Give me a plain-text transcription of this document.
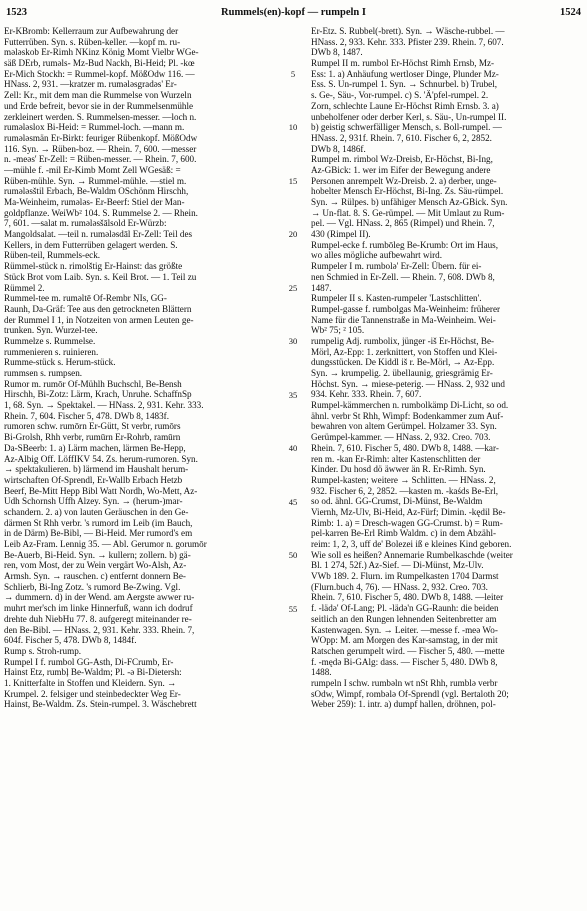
1523	Rummels(en)-kopf — rumpeln I	1524
Er-KBromb: Kellerraum zur Aufbewahrung der
Futterrüben. Syn. s. Rüben-keller. —kopf m. ru-
mələskob Er-Rimh NKinz König Momt Vielbr WGe-
säß DErb, ruməls- Mz-Bud Nackh, Bi-Heid; Pl. -kœ
Er-Mich Stockh: = Rummel-kopf. MößOdw 116. —
HNass. 2, 931. —kratzer m. rumələsgradəs' Er-
Zell: Kr., mit dem man die Rummelse von Wurzeln
und Erde befreit, bevor sie in der Rummelsenmühle
zerkleinert werden. S. Rummelsen-messer. —loch n.
rumələslox Bi-Heid: = Rummel-loch. —mann m.
rumələsmän Er-Birkt: feuriger Rübenkopf. MößOdw
116. Syn. → Rüben-boz. — Rhein. 7, 600. —messer
n. -meəs' Er-Zell: = Rüben-messer. — Rhein. 7, 600.
—mühle f. -mil Er-Kimb Momt Zell WGesäß: =
Rüben-mühle. Syn. → Rummel-mühle. —stiel m.
rumələsštil Erbach, Be-Waldm OSchönm Hirschh,
Ma-Weinheim, rumələs- Er-Beerf: Stiel der Man-
goldpflanze. WeiWb² 104. S. Rummelse 2. — Rhein.
7, 601. —salat m. rumələsšālsold Er-Würzb:
Mangoldsalat. —teil n. rumələsdāl Er-Zell: Teil des
Kellers, in dem Futterrüben gelagert werden. S.
Rüben-teil, Rummels-eck.
Rümmel-stück n. rimolštig Er-Hainst: das größte
Stück Brot vom Laib. Syn. s. Keil Brot. — 1. Teil zu
Rümmel 2.
Rummel-tee m. ruməltē Of-Rembr NIs, GG-
Raunh, Da-Gräf: Tee aus den getrockneten Blättern
der Rummel I 1, in Notzeiten von armen Leuten ge-
trunken. Syn. Wurzel-tee.
Rummelze s. Rummelse.
rummenieren s. ruinieren.
Rumme-stück s. Herum-stück.
rummsen s. rumpsen.
Rumor m. rumōr Of-Mühlh Buchschl, Be-Bensh
Hirschh, Bi-Zotz: Lärm, Krach, Unruhe. SchaffnSp
1, 68. Syn. → Spektakel. — HNass. 2, 931. Kehr. 333.
Rhein. 7, 604. Fischer 5, 478. DWb 8, 1483f.
rumoren schw. rumōrn Er-Gütt, St verbr, rumōrs
Bi-Grolsh, Rhh verbr, rumūrn Er-Rohrb, ramūrn
Da-SBeerb: 1. a) Lärm machen, lärmen Be-Hepp,
Az-Albig Off. LöffIKV 54. Zs. herum-rumoren. Syn.
→ spektakulieren. b) lärmend im Haushalt herum-
wirtschaften Of-Sprendl, Er-Wallb Erbach Hetzb
Beerf, Be-Mitt Hepp Bibl Watt Nordh, Wo-Mett, Az-
Udh Schornsh Uffh Alzey. Syn. → (herum-)mar-
schandern. 2. a) von lauten Geräuschen in den Ge-
därmen St Rhh verbr. 's rumord im Leib (im Bauch,
in de Därm) Be-Bibl, — Bi-Heid. Mer rumord's em
Leib Az-Fram. Lennig 35. — Abl. Gerumor n. gorumōr
Be-Auerb, Bi-Heid. Syn. → kullern; zollern. b) gä-
ren, vom Most, der zu Wein vergärt Wo-Alsh, Az-
Armsh. Syn. → rauschen. c) entfernt donnern Be-
Schlierb, Bi-Ing Zotz. 's rumord Be-Zwing. Vgl.
→ dummern. d) in der Wend. am Aergste awwer ru-
muhrt mer'sch im linke Hinnerfuß, wann ich dodruf
drehte duh NiebHu 77. 8. aufgeregt miteinander re-
den Be-Bibl. — HNass. 2, 931. Kehr. 333. Rhein. 7,
604f. Fischer 5, 478. DWb 8, 1484f.
Rump s. Stroh-rump.
Rumpel I f. rumbol GG-Asth, Di-FCrumb, Er-
Hainst Etz, rumbļ Be-Waldm; Pl. -ə Bi-Dietersh:
1. Knitterfalte in Stoffen und Kleidern. Syn. →
Krumpel. 2. felsiger und steinbedeckter Weg Er-
Hainst, Be-Waldm. Zs. Stein-rumpel. 3. Wäschebrett
5
10
15
20
25
30
35
40
45
50
55
Er-Etz. S. Rubbel(-brett). Syn. → Wäsche-rubbel. —
HNass. 2, 933. Kehr. 333. Pfister 239. Rhein. 7, 607.
DWb 8, 1487.
Rumpel II m. rumbol Er-Höchst Rimh Ernsb, Mz-
Ess: 1. a) Anhäufung wertloser Dinge, Plunder Mz-
Ess. S. Un-rumpel 1. Syn. → Schnurbel. b) Trubel,
s. Ge-, Säu-, Vor-rumpel. c) S. 'Ä'pfel-rumpel. 2.
Zorn, schlechte Laune Er-Höchst Rimh Ernsb. 3. a)
unbeholfener oder derber Kerl, s. Säu-, Un-rumpel II.
b) geistig schwerfälliger Mensch, s. Boll-rumpel. —
HNass. 2, 931f. Rhein. 7, 610. Fischer 6, 2, 2852.
DWb 8, 1486f.
Rumpel m. rimbol Wz-Dreisb, Er-Höchst, Bi-Ing,
Az-GBick: 1. wer im Eifer der Bewegung andere
Personen anrempelt Wz-Dreisb. 2. a) derber, unge-
hobelter Mensch Er-Höchst, Bi-Ing. Zs. Säu-rümpel.
Syn. → Rülpes. b) unfähiger Mensch Az-GBick. Syn.
→ Un-flat. 8. S. Ge-rümpel. — Mit Umlaut zu Rum-
pel. — Vgl. HNass. 2, 865 (Rimpel) und Rhein. 7,
430 (Rimpel II).
Rumpel-ecke f. rumbōleg Be-Krumb: Ort im Haus,
wo alles mögliche aufbewahrt wird.
Rumpeler I m. rumbolə' Er-Zell: Übern. für ei-
nen Schmied in Er-Zell. — Rhein. 7, 608. DWb 8,
1487.
Rumpeler II s. Kasten-rumpeler 'Lastschlitten'.
Rumpel-gasse f. rumbolgas Ma-Weinheim: früherer
Name für die Tannenstraße in Ma-Weinheim. Wei-
Wb² 75; ² 105.
rumpelig Adj. rumbolix, jünger -iš Er-Höchst, Be-
Mörl, Az-Epp: 1. zerknittert, von Stoffen und Klei-
dungsstücken. De Kiddl iš r. Be-Mörl, → Az-Epp.
Syn. → krumpelig. 2. übellaunig, griesgrämig Er-
Höchst. Syn. → miese-peterig. — HNass. 2, 932 und
934. Kehr. 333. Rhein. 7, 607.
Rumpel-kämmerchen n. rumbolkämp Di-Licht, so od.
ähnl. verbr St Rhh, Wimpf: Bodenkammer zum Auf-
bewahren von altem Gerümpel. Holzamer 33. Syn.
Gerümpel-kammer. — HNass. 2, 932. Creo. 703.
Rhein. 7, 610. Fischer 5, 480. DWb 8, 1488. —kar-
ren m. -kan Er-Rimh: alter Kastenschlitten der
Kinder. Du hosd dö äwwer än R. Er-Rimh. Syn.
Rumpel-kasten; weitere → Schlitten. — HNass. 2,
932. Fischer 6, 2, 2852. —kasten m. -kaśds Be-Erl,
so od. ähnl. GG-Crumst, Di-Münst, Be-Waldm
Viernh, Mz-Ulv, Bi-Heid, Az-Fürf; Dimin. -kędil Be-
Rimb: 1. a) = Dresch-wagen GG-Crumst. b) = Rum-
pel-karren Be-Erl Rimb Waldm. c) in dem Abzähl-
reim: 1, 2, 3, uff de' Bolezei iß e kleines Kind geboren.
Wie soll es heißen? Annemarie Rumbelkaschde (weiter
Bl. 1 274, 52f.) Az-Sief. — Di-Münst, Mz-Ulv.
VWb 189. 2. Flurn. im Rumpelkasten 1704 Darmst
(Flurn.buch 4, 76). — HNass. 2, 932. Creo. 703.
Rhein. 7, 610. Fischer 5, 480. DWb 8, 1488. —leiter
f. -lädə' Of-Lang; Pl. -lädə'n GG-Raunh: die beiden
seitlich an den Rungen lehnenden Seitenbretter am
Kastenwagen. Syn. → Leiter. —messe f. -meə Wo-
WOpp: M. am Morgen des Kar-samstag, in der mit
Ratschen gerumpelt wird. — Fischer 5, 480. —mette
f. -mędə Bi-GAlg: dass. — Fischer 5, 480. DWb 8,
1488.
rumpeln I schw. rumbəln wt nSt Rhh, rumblə verbr
sOdw, Wimpf, rombələ Of-Sprendl (vgl. Bertaloth 20;
Weber 259): 1. intr. a) dumpf hallen, dröhnen, pol-
